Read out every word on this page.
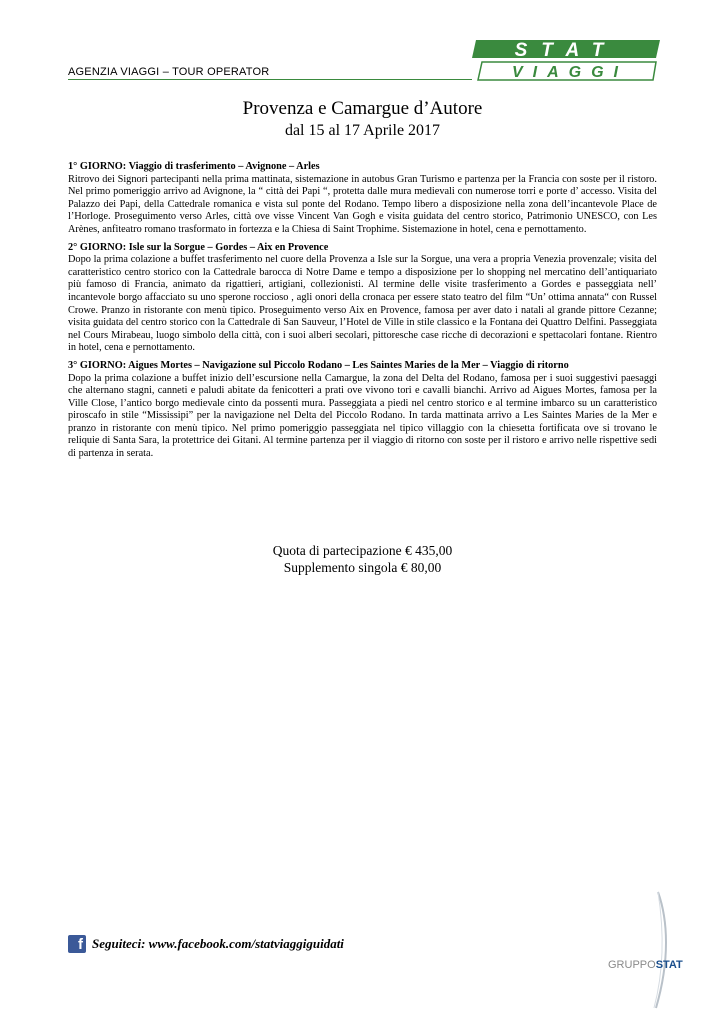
AGENZIA VIAGGI – TOUR OPERATOR
STAT
VIAGGI
Provenza e Camargue d’Autore
dal 15 al 17 Aprile 2017
1° GIORNO: Viaggio di trasferimento – Avignone – Arles
Ritrovo dei Signori partecipanti nella prima mattinata, sistemazione in autobus Gran Turismo e partenza per la Francia con soste per il ristoro. Nel primo pomeriggio arrivo ad Avignone, la “ città dei Papi “, protetta dalle mura medievali con numerose torri e porte d’ accesso. Visita del Palazzo dei Papi, della Cattedrale romanica e vista sul ponte del Rodano. Tempo libero a disposizione nella zona dell’incantevole Place de l’Horloge. Proseguimento verso Arles, città ove visse Vincent Van Gogh e visita guidata del centro storico, Patrimonio UNESCO, con Les Arènes, anfiteatro romano trasformato in fortezza e la Chiesa di Saint Trophime. Sistemazione in hotel, cena e pernottamento.
2° GIORNO: Isle sur la Sorgue – Gordes – Aix en Provence
Dopo la prima colazione a buffet trasferimento nel cuore della Provenza a Isle sur la Sorgue, una vera a propria Venezia provenzale; visita del caratteristico centro storico con la Cattedrale barocca di Notre Dame e tempo a disposizione per lo shopping nel mercatino dell’antiquariato più famoso di Francia, animato da rigattieri, artigiani, collezionisti. Al termine delle visite trasferimento a Gordes e passeggiata nell’ incantevole borgo affacciato su uno sperone roccioso , agli onori della cronaca per essere stato teatro del film “Un’ ottima annata“ con Russel Crowe. Pranzo in ristorante con menù tipico. Proseguimento verso Aix en Provence, famosa per aver dato i natali al grande pittore Cezanne; visita guidata del centro storico con la Cattedrale di San Sauveur, l’Hotel de Ville in stile classico e la Fontana dei Quattro Delfini. Passeggiata nel Cours Mirabeau, luogo simbolo della città, con i suoi alberi secolari, pittoresche case ricche di decorazioni e spettacolari fontane. Rientro in hotel, cena e pernottamento.
3° GIORNO: Aigues Mortes – Navigazione sul Piccolo Rodano – Les Saintes Maries de la Mer – Viaggio di ritorno
Dopo la prima colazione a buffet inizio dell’escursione nella Camargue, la zona del Delta del Rodano, famosa per i suoi suggestivi paesaggi che alternano stagni, canneti e paludi abitate da fenicotteri a prati ove vivono tori e cavalli bianchi. Arrivo ad Aigues Mortes, famosa per la Ville Close, l’antico borgo medievale cinto da possenti mura. Passeggiata a piedi nel centro storico e al termine imbarco su un caratteristico piroscafo in stile “Mississipi” per la navigazione nel Delta del Piccolo Rodano. In tarda mattinata arrivo a Les Saintes Maries de la Mer e pranzo in ristorante con menù tipico. Nel primo pomeriggio passeggiata nel tipico villaggio con la chiesetta fortificata ove si trovano le reliquie di Santa Sara, la protettrice dei Gitani. Al termine partenza per il viaggio di ritorno con soste per il ristoro e arrivo nelle rispettive sedi di partenza in serata.
Quota di partecipazione € 435,00
Supplemento singola € 80,00
f Seguiteci: www.facebook.com/statviaggiguidati
GRUPPOSTAT
